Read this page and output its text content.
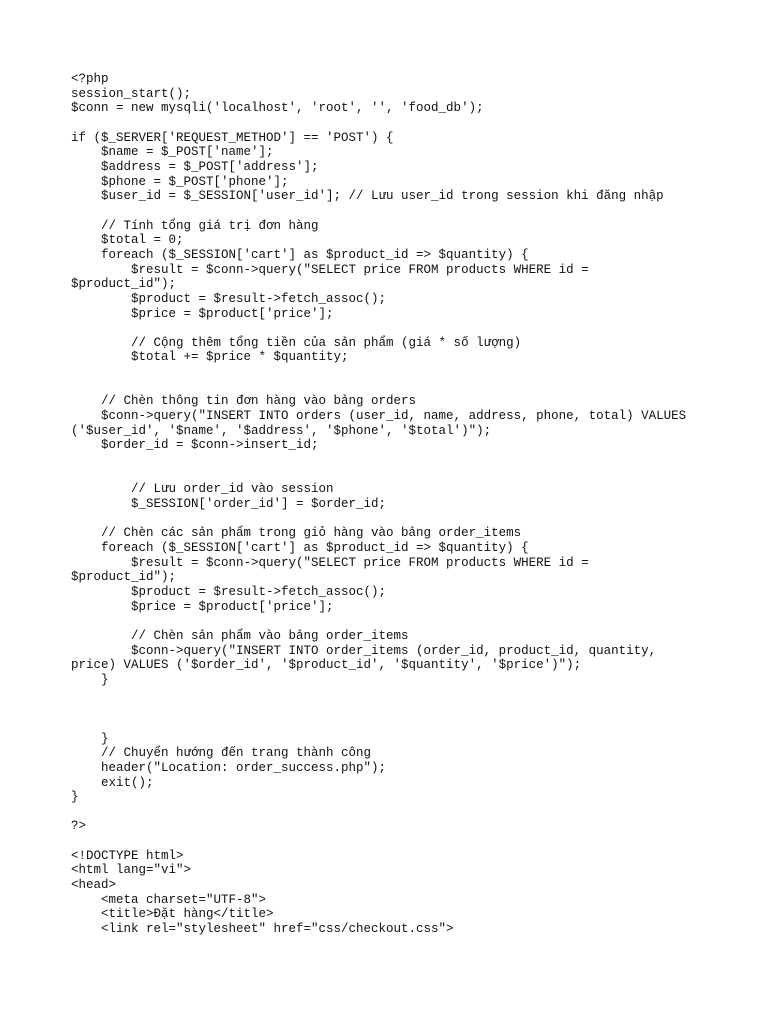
<?php
session_start();
$conn = new mysqli('localhost', 'root', '', 'food_db');
if ($_SERVER['REQUEST_METHOD'] == 'POST') {
$name = $_POST['name'];
$address = $_POST['address'];
$phone = $_POST['phone'];
$user_id = $_SESSION['user_id']; // Lưu user_id trong session khi đăng nhập
// Tính tổng giá trị đơn hàng
$total = 0;
foreach ($_SESSION['cart'] as $product_id => $quantity) {
$result = $conn->query("SELECT price FROM products WHERE id =
$product_id");
$product = $result->fetch_assoc();
$price = $product['price'];
// Cộng thêm tổng tiền của sản phẩm (giá * số lượng)
$total += $price * $quantity;
// Chèn thông tin đơn hàng vào bảng orders
$conn->query("INSERT INTO orders (user_id, name, address, phone, total) VALUES
('$user_id', '$name', '$address', '$phone', '$total')");
$order_id = $conn->insert_id;
// Lưu order_id vào session
$_SESSION['order_id'] = $order_id;
// Chèn các sản phẩm trong giỏ hàng vào bảng order_items
foreach ($_SESSION['cart'] as $product_id => $quantity) {
$result = $conn->query("SELECT price FROM products WHERE id =
$product_id");
$product = $result->fetch_assoc();
$price = $product['price'];
// Chèn sản phẩm vào bảng order_items
$conn->query("INSERT INTO order_items (order_id, product_id, quantity,
price) VALUES ('$order_id', '$product_id', '$quantity', '$price')");
}
}
// Chuyển hướng đến trang thành công
header("Location: order_success.php");
exit();
}
?>
<!DOCTYPE html>
<html lang="vi">
<head>
<meta charset="UTF-8">
<title>Đặt hàng</title>
<link rel="stylesheet" href="css/checkout.css">
